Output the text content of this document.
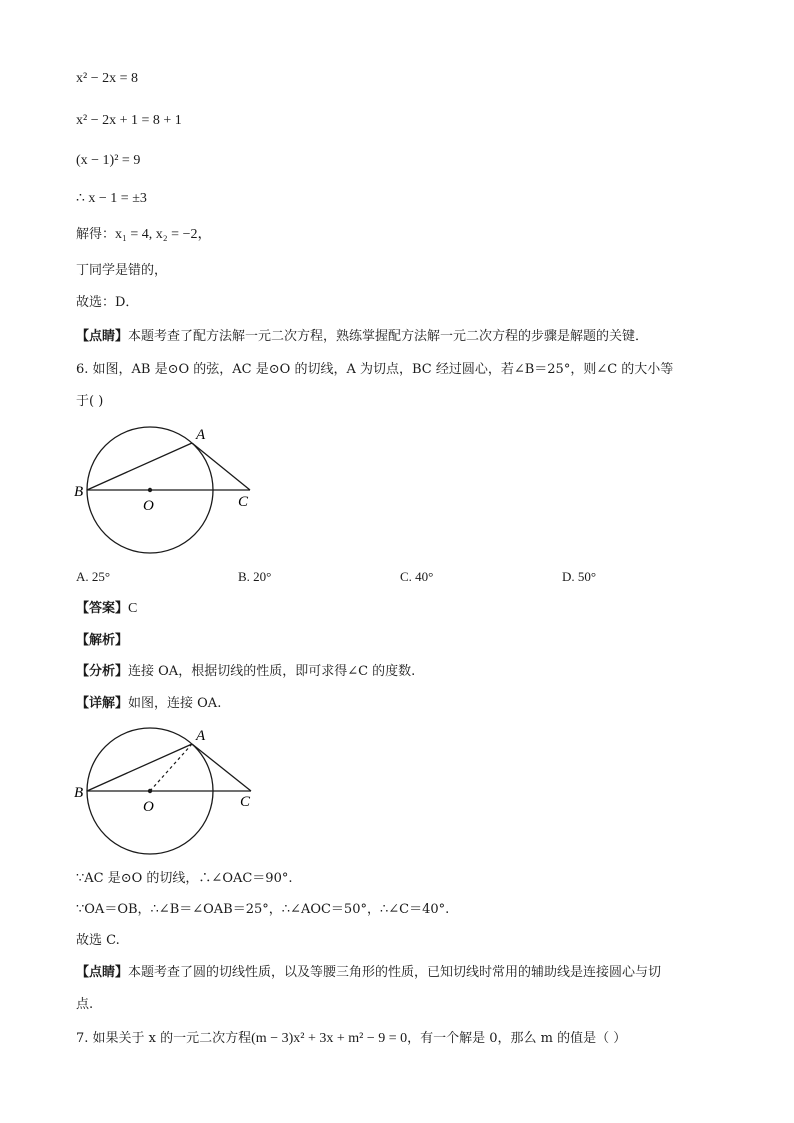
x² − 2x = 8
x² − 2x + 1 = 8 + 1
(x − 1)² = 9
∴ x − 1 = ±3
解得：x₁ = 4, x₂ = −2，
丁同学是错的，
故选：D．
【点睛】本题考查了配方法解一元二次方程，熟练掌握配方法解一元二次方程的步骤是解题的关键．
6. 如图，AB 是⊙O 的弦，AC 是⊙O 的切线，A 为切点，BC 经过圆心，若∠B＝25°，则∠C 的大小等
于( )
A
B
C
O
A. 25°	B. 20°	C. 40°	D. 50°
【答案】C
【解析】
【分析】连接 OA，根据切线的性质，即可求得∠C 的度数.
【详解】如图，连接 OA.
A
B
C
O
∵AC 是⊙O 的切线，∴∠OAC＝90°.
∵OA＝OB，∴∠B＝∠OAB＝25°，∴∠AOC＝50°，∴∠C＝40°.
故选 C.
【点睛】本题考查了圆的切线性质，以及等腰三角形的性质，已知切线时常用的辅助线是连接圆心与切
点.
7. 如果关于 x 的一元二次方程(m − 3)x² + 3x + m² − 9 = 0，有一个解是 0，那么 m 的值是（ ）
